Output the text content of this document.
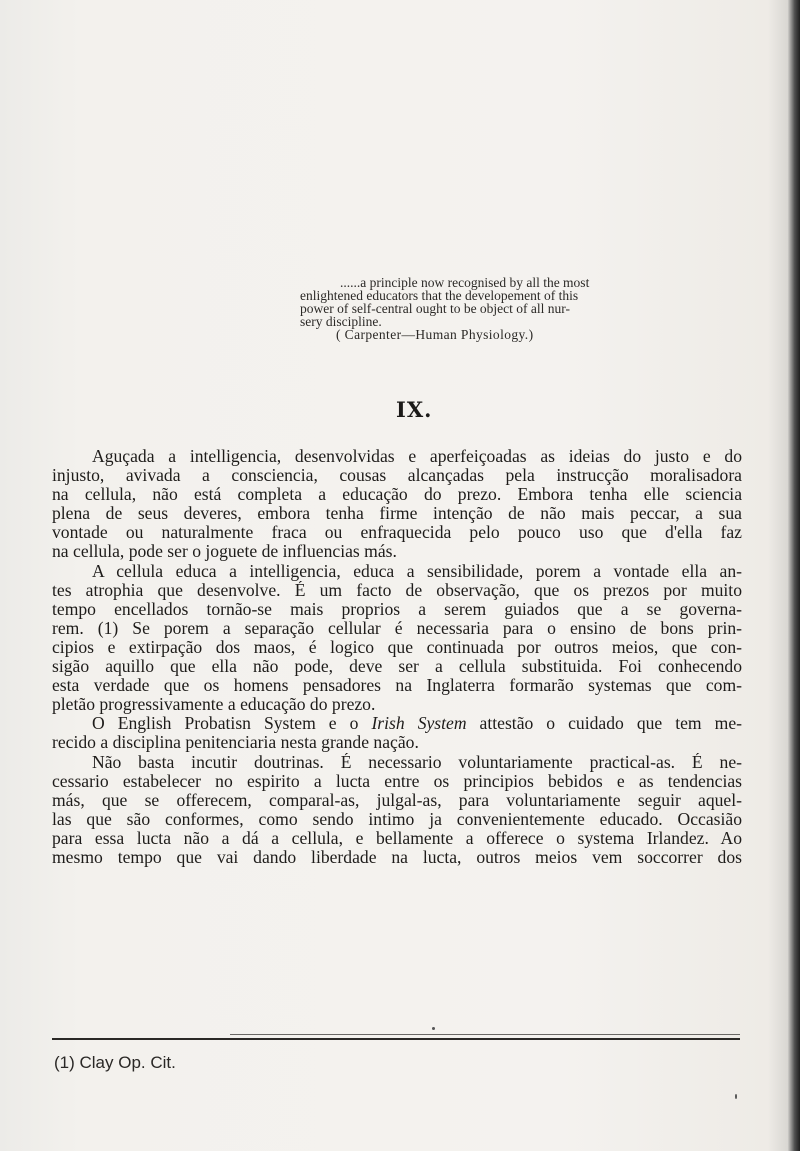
......a principle now recognised by all the most
enlightened educators that the developement of this
power of self-central ought to be object of all nur-
sery discipline.
( Carpenter—Human Physiology.)
IX.
Aguçada a intelligencia, desenvolvidas e aperfeiçoadas as ideias do justo e do
injusto, avivada a consciencia, cousas alcançadas pela instrucção moralisadora
na cellula, não está completa a educação do prezo. Embora tenha elle sciencia
plena de seus deveres, embora tenha firme intenção de não mais peccar, a sua
vontade ou naturalmente fraca ou enfraquecida pelo pouco uso que d'ella faz
na cellula, pode ser o joguete de influencias más.
A cellula educa a intelligencia, educa a sensibilidade, porem a vontade ella an-
tes atrophia que desenvolve. É um facto de observação, que os prezos por muito
tempo encellados tornão-se mais proprios a serem guiados que a se governa-
rem. (1) Se porem a separação cellular é necessaria para o ensino de bons prin-
cipios e extirpação dos maos, é logico que continuada por outros meios, que con-
sigão aquillo que ella não pode, deve ser a cellula substituida. Foi conhecendo
esta verdade que os homens pensadores na Inglaterra formarão systemas que com-
pletão progressivamente a educação do prezo.
O English Probatisn System e o Irish System attestão o cuidado que tem me-
recido a disciplina penitenciaria nesta grande nação.
Não basta incutir doutrinas. É necessario voluntariamente practical-as. É ne-
cessario estabelecer no espirito a lucta entre os principios bebidos e as tendencias
más, que se offerecem, comparal-as, julgal-as, para voluntariamente seguir aquel-
las que são conformes, como sendo intimo ja convenientemente educado. Occasião
para essa lucta não a dá a cellula, e bellamente a offerece o systema Irlandez. Ao
mesmo tempo que vai dando liberdade na lucta, outros meios vem soccorrer dos
(1) Clay Op. Cit.
